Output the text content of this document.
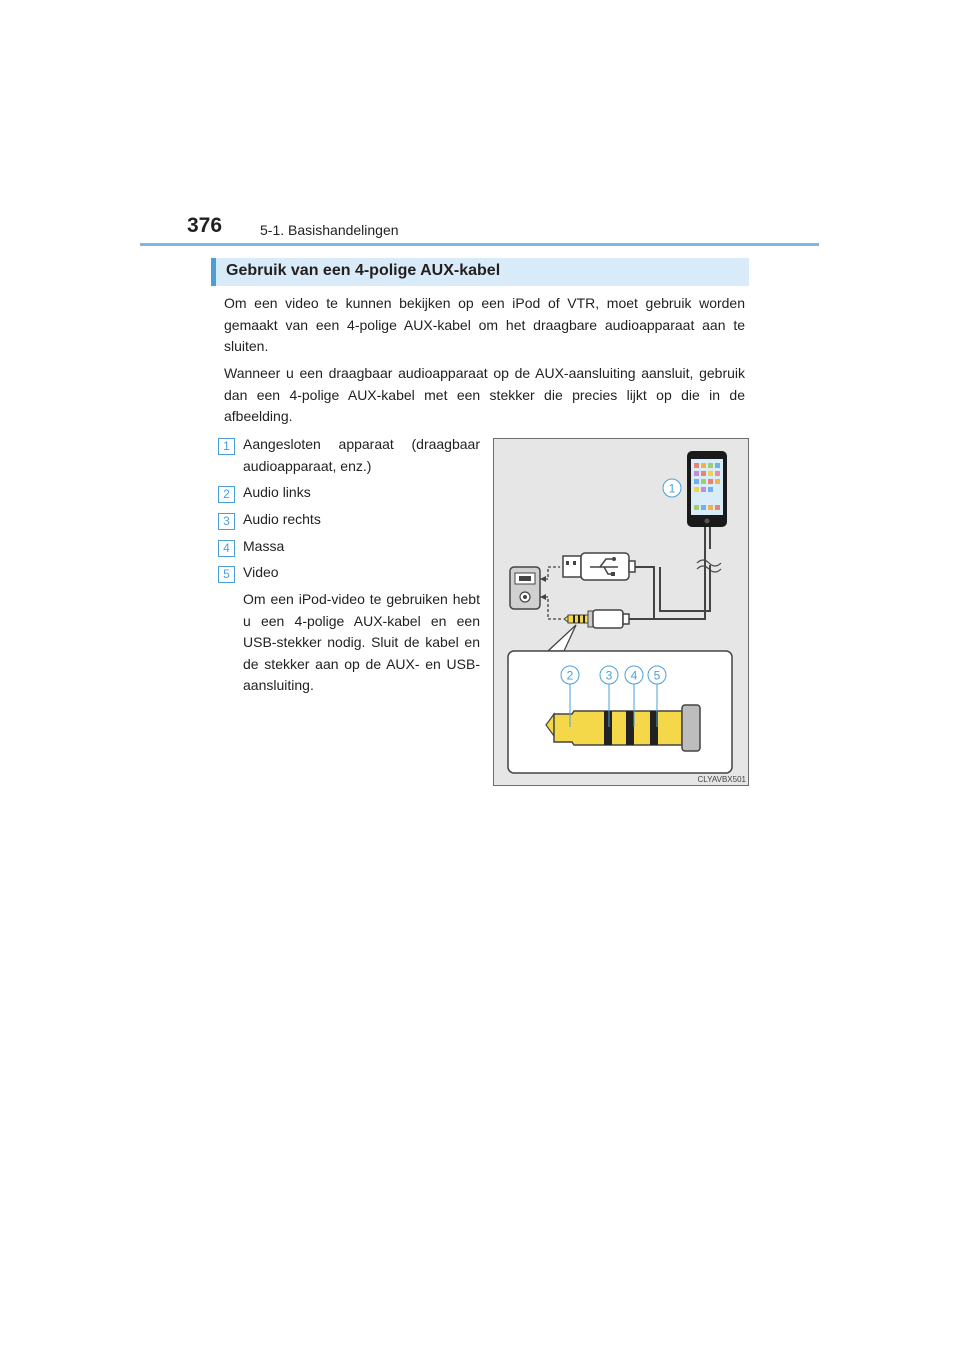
376	5-1. Basishandelingen
Gebruik van een 4-polige AUX-kabel

Om een video te kunnen bekijken op een iPod of VTR, moet gebruik worden gemaakt van een 4-polige AUX-kabel om het draagbare audioapparaat aan te sluiten.

Wanneer u een draagbaar audioapparaat op de AUX-aansluiting aansluit, gebruik dan een 4-polige AUX-kabel met een stekker die precies lijkt op die in de afbeelding.

1 Aangesloten apparaat (draagbaar audioapparaat, enz.)
2 Audio links
3 Audio rechts
4 Massa
5 Video

Om een iPod-video te gebruiken hebt u een 4-polige AUX-kabel en een USB-stekker nodig. Sluit de kabel en de stekker aan op de AUX- en USB-aansluiting.

1
2	3 4 5
CLYAVBX501
